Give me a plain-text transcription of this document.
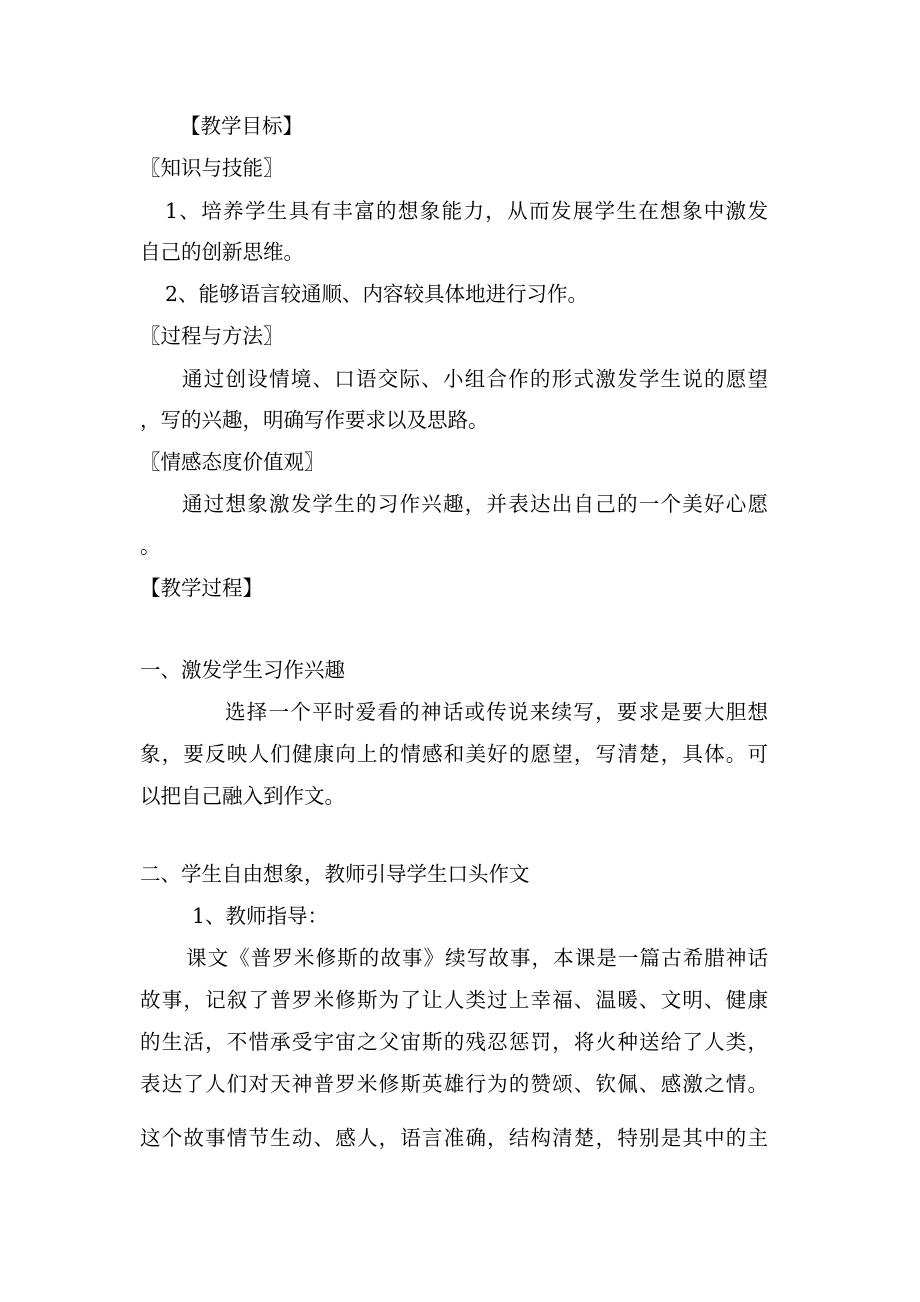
【教学目标】
〖知识与技能〗
1、培养学生具有丰富的想象能力，从而发展学生在想象中激发
自己的创新思维。
2、能够语言较通顺、内容较具体地进行习作。
〖过程与方法〗
通过创设情境、口语交际、小组合作的形式激发学生说的愿望
，写的兴趣，明确写作要求以及思路。
〖情感态度价值观〗
通过想象激发学生的习作兴趣，并表达出自己的一个美好心愿
。
【教学过程】
一、激发学生习作兴趣
选择一个平时爱看的神话或传说来续写，要求是要大胆想
象，要反映人们健康向上的情感和美好的愿望，写清楚，具体。可
以把自己融入到作文。
二、学生自由想象，教师引导学生口头作文
1、教师指导：
课文《普罗米修斯的故事》续写故事，本课是一篇古希腊神话
故事，记叙了普罗米修斯为了让人类过上幸福、温暖、文明、健康
的生活，不惜承受宇宙之父宙斯的残忍惩罚，将火种送给了人类，
表达了人们对天神普罗米修斯英雄行为的赞颂、钦佩、感激之情。
这个故事情节生动、感人，语言准确，结构清楚，特别是其中的主
